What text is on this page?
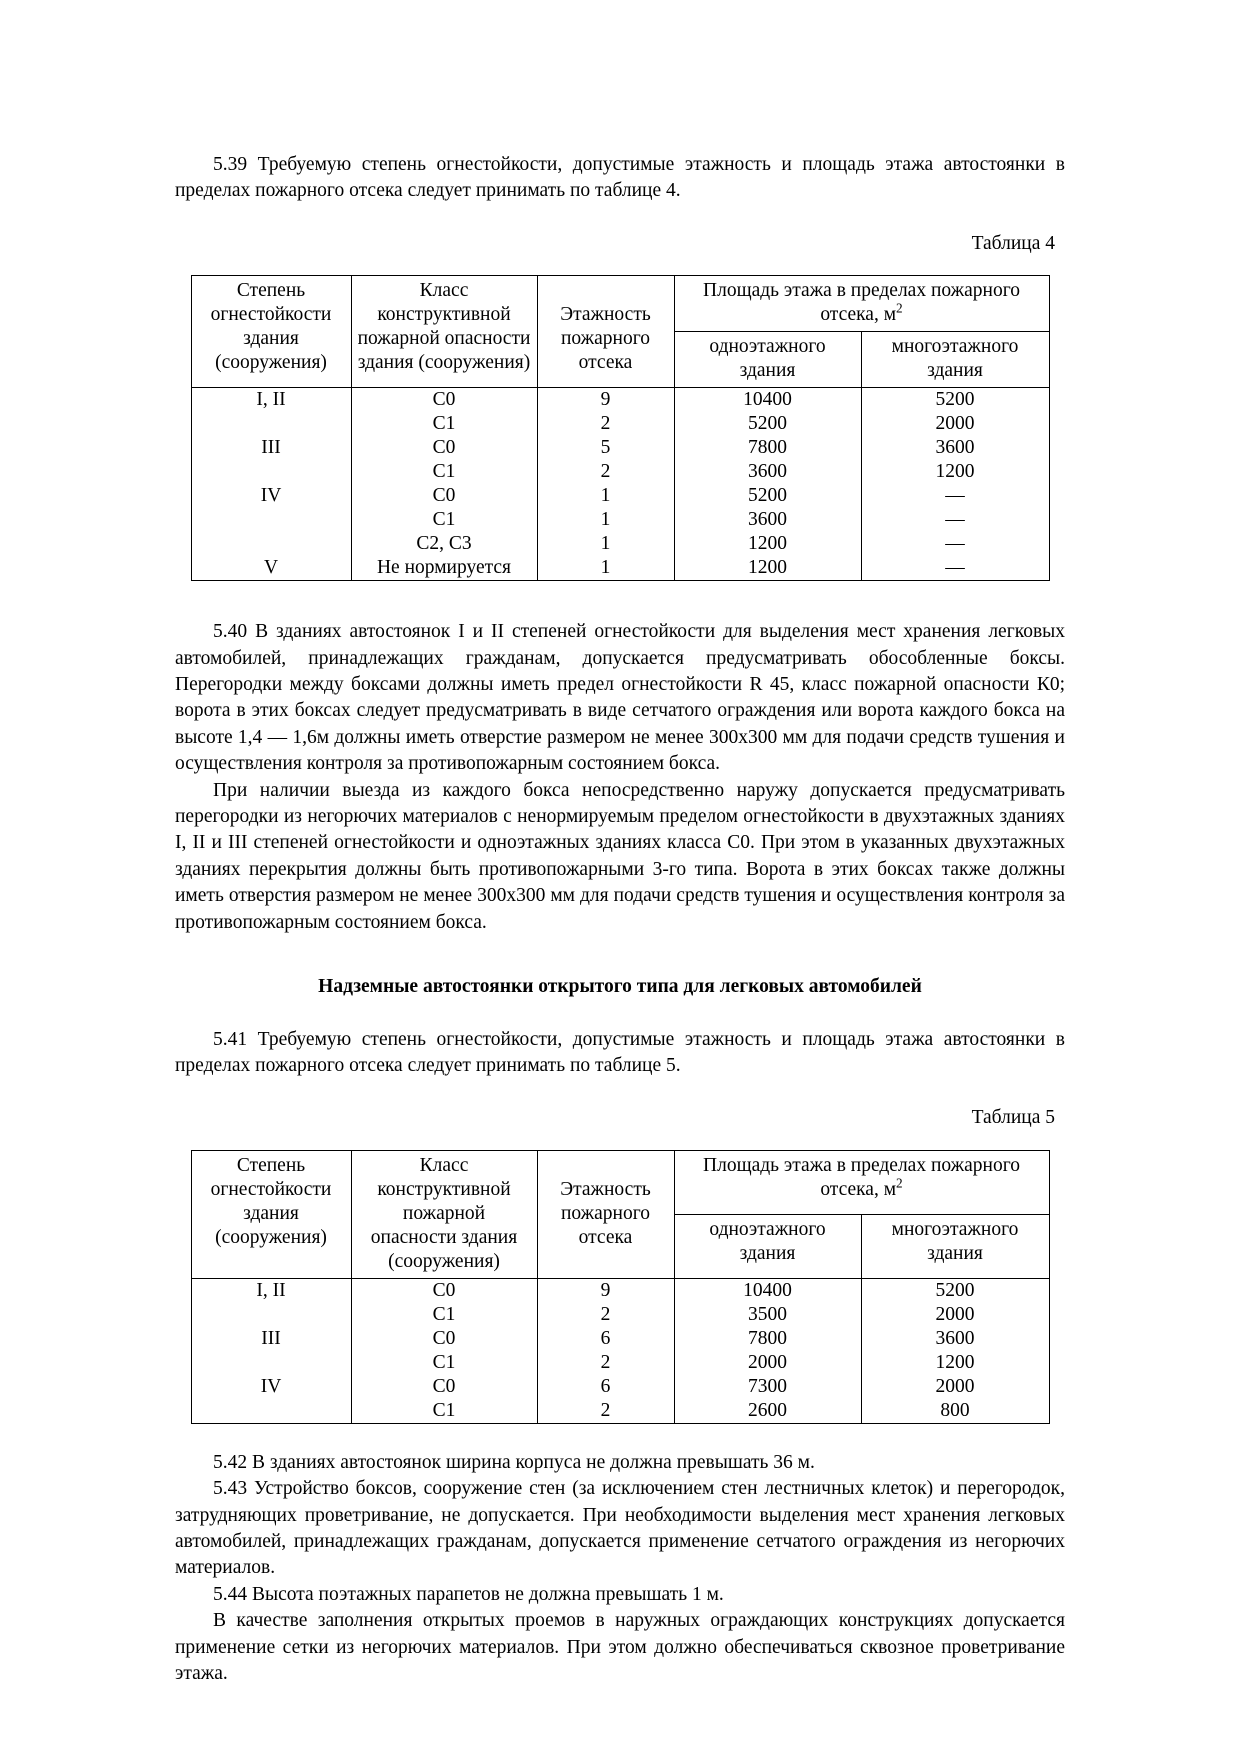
5.39 Требуемую степень огнестойкости, допустимые этажность и площадь этажа автостоянки в пределах пожарного отсека следует принимать по таблице 4.

Таблица 4

Степень
огнестойкости
здания
(сооружения)	Класс
конструктивной
пожарной опасности
здания (сооружения)	Этажность
пожарного
отсека	Площадь этажа в пределах пожарного
отсека, $м^2$

			одноэтажного
здания	многоэтажного здания

I, II	С0	9	10400	5200
	С1	2	5200	2000
III	С0	5	7800	3600
	С1	2	3600	1200
IV	С0	1	5200	—
	С1	1	3600	—
	С2, С3	1	1200	—
V	Не нормируется	1	1200	—

5.40 В зданиях автостоянок I и II степеней огнестойкости для выделения мест хранения легковых автомобилей, принадлежащих гражданам, допускается предусматривать обособленные боксы. Перегородки между боксами должны иметь предел огнестойкости R 45, класс пожарной опасности К0; ворота в этих боксах следует предусматривать в виде сетчатого ограждения или ворота каждого бокса на высоте 1,4 — 1,6м должны иметь отверстие размером не менее 300х300 мм для подачи средств тушения и осуществления контроля за противопожарным состоянием бокса.

При наличии выезда из каждого бокса непосредственно наружу допускается предусматривать перегородки из негорючих материалов с ненормируемым пределом огнестойкости в двухэтажных зданиях I, II и III степеней огнестойкости и одноэтажных зданиях класса С0. При этом в указанных двухэтажных зданиях перекрытия должны быть противопожарными 3-го типа. Ворота в этих боксах также должны иметь отверстия размером не менее 300х300 мм для подачи средств тушения и осуществления контроля за противопожарным состоянием бокса.

Надземные автостоянки открытого типа для легковых автомобилей

5.41 Требуемую степень огнестойкости, допустимые этажность и площадь этажа автостоянки в пределах пожарного отсека следует принимать по таблице 5.

Таблица 5

Степень
огнестойкости
здания
(сооружения)	Класс
конструктивной
пожарной
опасности здания
(сооружения)	Этажность
пожарного
отсека	Площадь этажа в пределах пожарного
отсека, $м^2$

			одноэтажного
здания	многоэтажного здания

I, II	С0	9	10400	5200
	С1	2	3500	2000
III	С0	6	7800	3600
	С1	2	2000	1200
IV	С0	6	7300	2000
	С1	2	2600	800

5.42 В зданиях автостоянок ширина корпуса не должна превышать 36 м.

5.43 Устройство боксов, сооружение стен (за исключением стен лестничных клеток) и перегородок, затрудняющих проветривание, не допускается. При необходимости выделения мест хранения легковых автомобилей, принадлежащих гражданам, допускается применение сетчатого ограждения из негорючих материалов.

5.44 Высота поэтажных парапетов не должна превышать 1 м.

В качестве заполнения открытых проемов в наружных ограждающих конструкциях допускается применение сетки из негорючих материалов. При этом должно обеспечиваться сквозное проветривание этажа.
